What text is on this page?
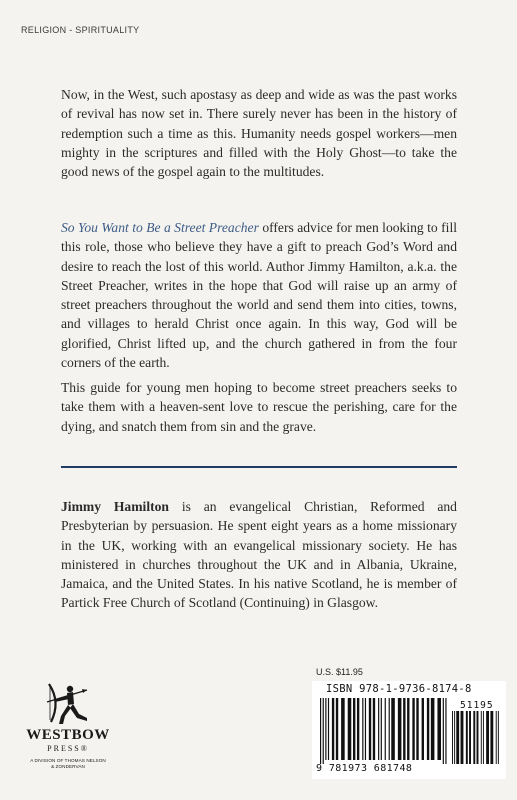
RELIGION - SPIRITUALITY
Now, in the West, such apostasy as deep and wide as was the past works of revival has now set in. There surely never has been in the history of redemption such a time as this. Humanity needs gospel workers—men mighty in the scriptures and filled with the Holy Ghost—to take the good news of the gospel again to the multitudes.
So You Want to Be a Street Preacher offers advice for men looking to fill this role, those who believe they have a gift to preach God’s Word and desire to reach the lost of this world. Author Jimmy Hamilton, a.k.a. the Street Preacher, writes in the hope that God will raise up an army of street preachers throughout the world and send them into cities, towns, and villages to herald Christ once again. In this way, God will be glorified, Christ lifted up, and the church gathered in from the four corners of the earth.
This guide for young men hoping to become street preachers seeks to take them with a heaven-sent love to rescue the perishing, care for the dying, and snatch them from sin and the grave.
Jimmy Hamilton is an evangelical Christian, Reformed and Presbyterian by persuasion. He spent eight years as a home missionary in the UK, working with an evangelical missionary society. He has ministered in churches throughout the UK and in Albania, Ukraine, Jamaica, and the United States. In his native Scotland, he is member of Partick Free Church of Scotland (Continuing) in Glasgow.
WESTBOW
PRESS®
A DIVISION OF THOMAS NELSON
& ZONDERVAN
U.S. $11.95
ISBN 978-1-9736-8174-8
51195
9 781973 681748
